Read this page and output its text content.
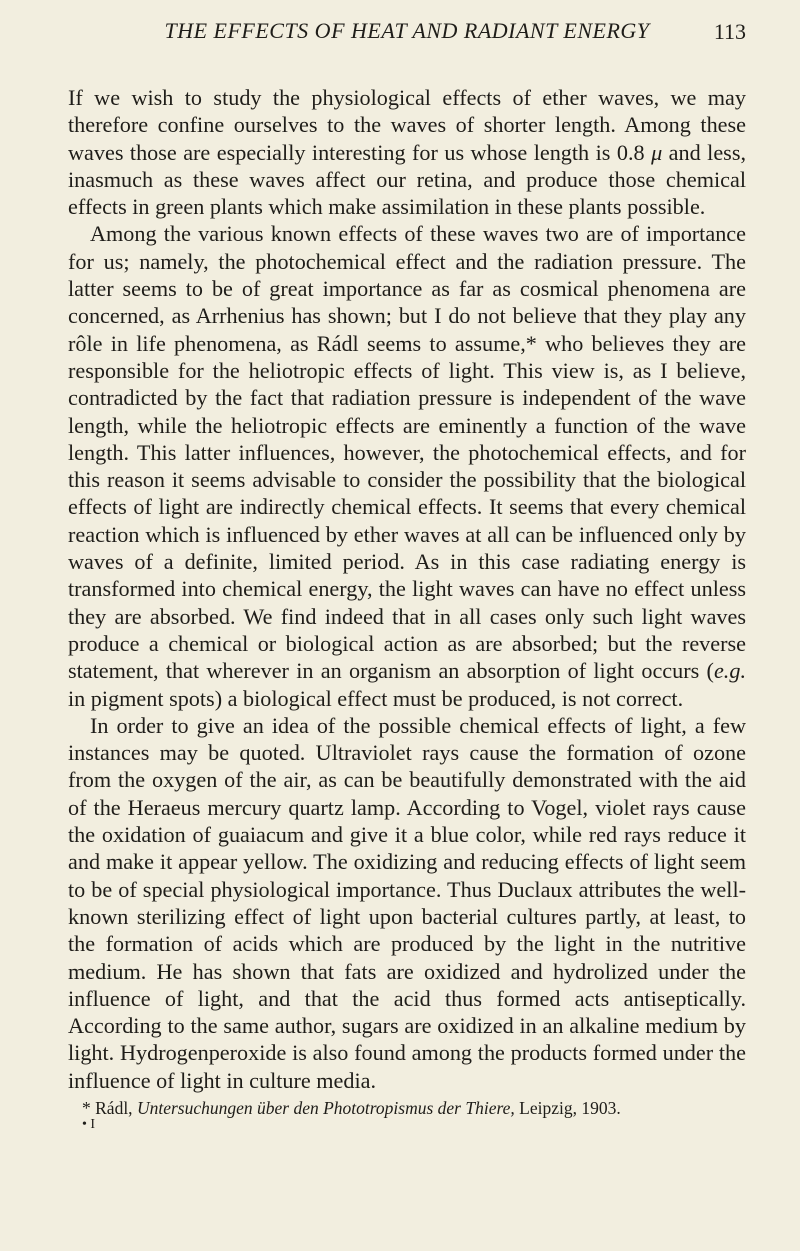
THE EFFECTS OF HEAT AND RADIANT ENERGY	113

If we wish to study the physiological effects of ether waves, we may therefore confine ourselves to the waves of shorter length. Among these waves those are especially interesting for us whose length is 0.8 μ and less, inasmuch as these waves affect our retina, and produce those chemical effects in green plants which make assimilation in these plants possible.

Among the various known effects of these waves two are of importance for us; namely, the photochemical effect and the radiation pressure. The latter seems to be of great importance as far as cosmical phenomena are concerned, as Arrhenius has shown; but I do not believe that they play any rôle in life phenomena, as Rádl seems to assume,* who believes they are responsible for the heliotropic effects of light. This view is, as I believe, contradicted by the fact that radiation pressure is independent of the wave length, while the heliotropic effects are eminently a function of the wave length. This latter influences, however, the photochemical effects, and for this reason it seems advisable to consider the possibility that the biological effects of light are indirectly chemical effects. It seems that every chemical reaction which is influenced by ether waves at all can be influenced only by waves of a definite, limited period. As in this case radiating energy is transformed into chemical energy, the light waves can have no effect unless they are absorbed. We find indeed that in all cases only such light waves produce a chemical or biological action as are absorbed; but the reverse statement, that wherever in an organism an absorption of light occurs (e.g. in pigment spots) a biological effect must be produced, is not correct.

In order to give an idea of the possible chemical effects of light, a few instances may be quoted. Ultraviolet rays cause the formation of ozone from the oxygen of the air, as can be beautifully demonstrated with the aid of the Heraeus mercury quartz lamp. According to Vogel, violet rays cause the oxidation of guaiacum and give it a blue color, while red rays reduce it and make it appear yellow. The oxidizing and reducing effects of light seem to be of special physiological importance. Thus Duclaux attributes the well-known sterilizing effect of light upon bacterial cultures partly, at least, to the formation of acids which are produced by the light in the nutritive medium. He has shown that fats are oxidized and hydrolized under the influence of light, and that the acid thus formed acts antiseptically. According to the same author, sugars are oxidized in an alkaline medium by light. Hydrogenperoxide is also found among the products formed under the influence of light in culture media.

* Rádl, Untersuchungen über den Phototropismus der Thiere, Leipzig, 1903.
• I
